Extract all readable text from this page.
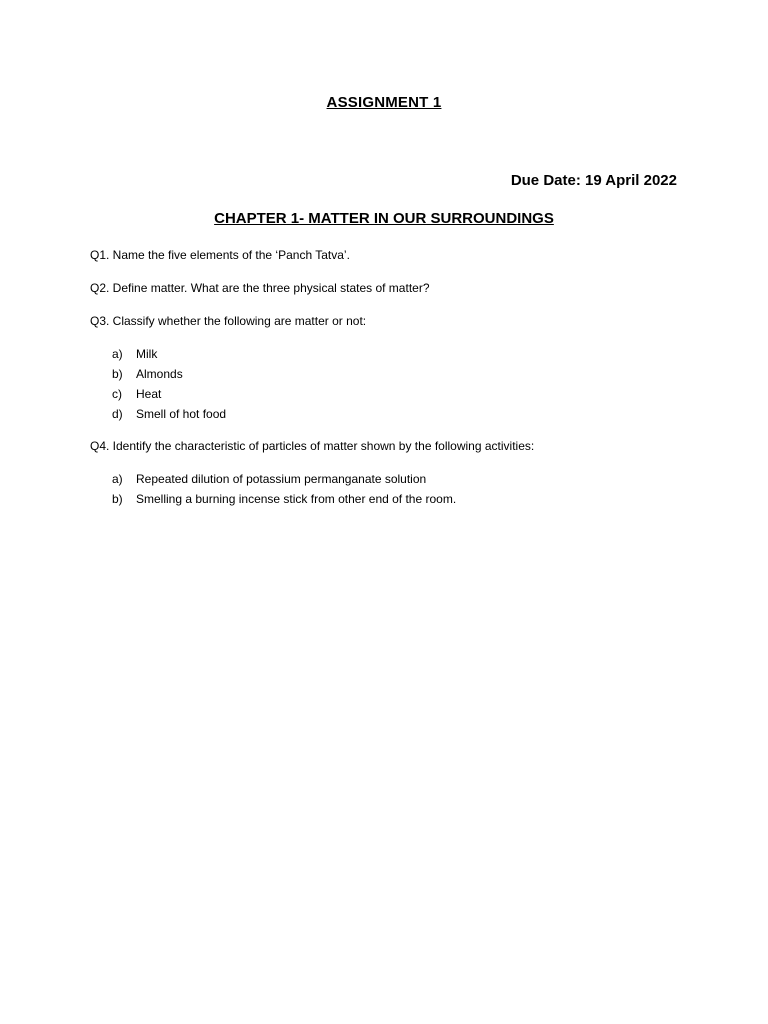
ASSIGNMENT 1
Due Date: 19 April 2022
CHAPTER 1- MATTER IN OUR SURROUNDINGS
Q1. Name the five elements of the ‘Panch Tatva’.
Q2. Define matter. What are the three physical states of matter?
Q3. Classify whether the following are matter or not:
a) Milk
b) Almonds
c) Heat
d) Smell of hot food
Q4. Identify the characteristic of particles of matter shown by the following activities:
a) Repeated dilution of potassium permanganate solution
b) Smelling a burning incense stick from other end of the room.
